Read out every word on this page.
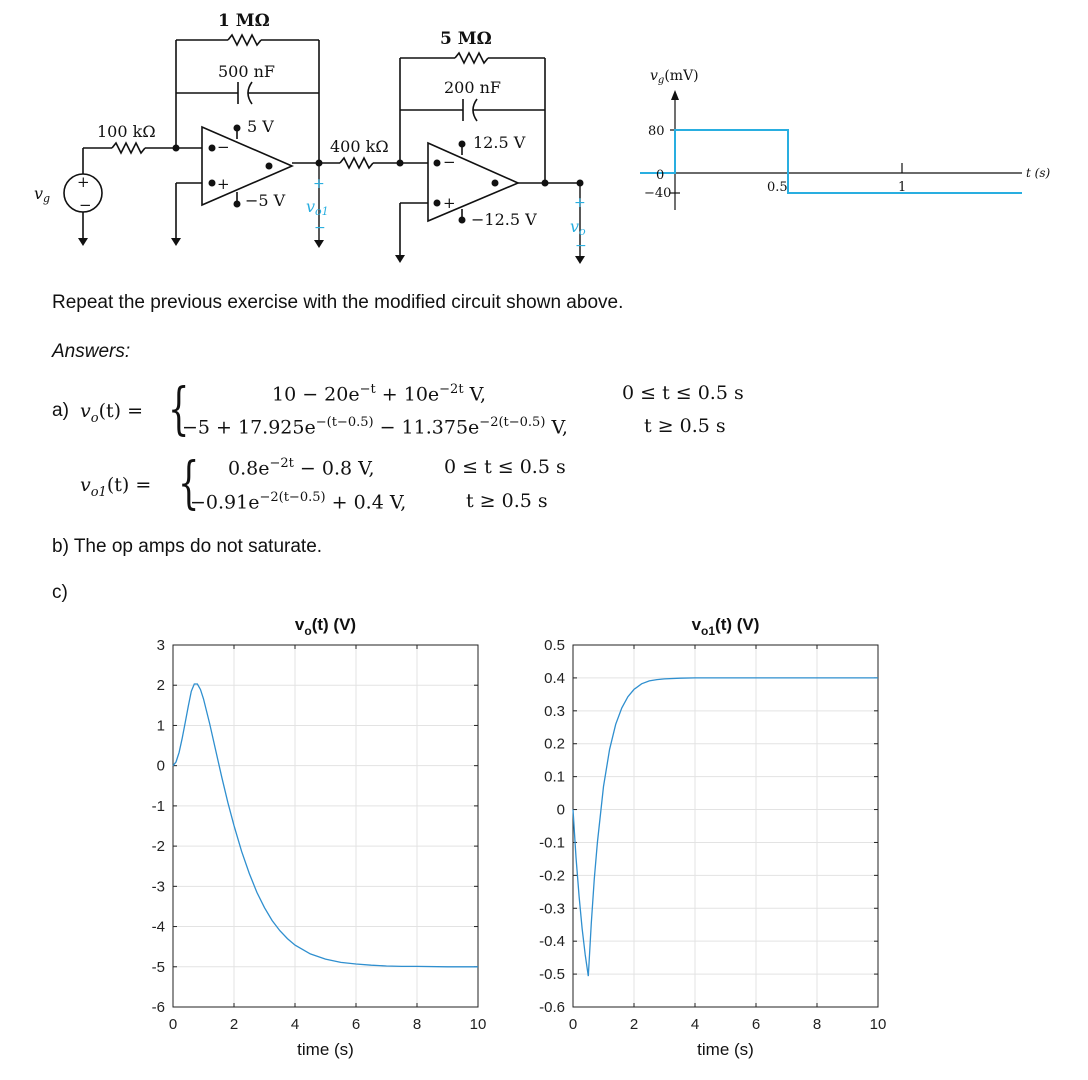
−
+
−
+
+
−
1 MΩ
500 nF
100 kΩ	5 V
−5 V
+
vo1
−
vg
400 kΩ
5 MΩ
200 nF
12.5 V
−12.5 V
+
vo
−
$v_g(mV)$
80
0
−40	0.5	1
t (s)
Repeat the previous exercise with the modified circuit shown above.
Answers:
a) $v_o(t)$ = {	$10 - 20e^{-t} + 10e^{-2t}$ V,	0 ≤ t ≤ 0.5 s
$-5 + 17.925e^{-(t-0.5)} - 11.375e^{-2(t-0.5)}$ V,	t ≥ 0.5 s
$v_{o1}(t)$ = { $0.8e^{-2t} - 0.8$ V,	0 ≤ t ≤ 0.5 s
$-0.91e^{-2(t-0.5)} + 0.4$ V,	t ≥ 0.5 s
b) The op amps do not saturate.
c)
0	2	4	6	8	10
3
2
1
0
-1
-2
-3
-4
-5
-6
$v_o(t)$ (V)
time (s)
0	2	4	6	8	10
0.5
0.4
0.3
0.2
0.1
0
-0.1
-0.2
-0.3
-0.4
-0.5
-0.6
$v_{o1}(t)$ (V)
time (s)
